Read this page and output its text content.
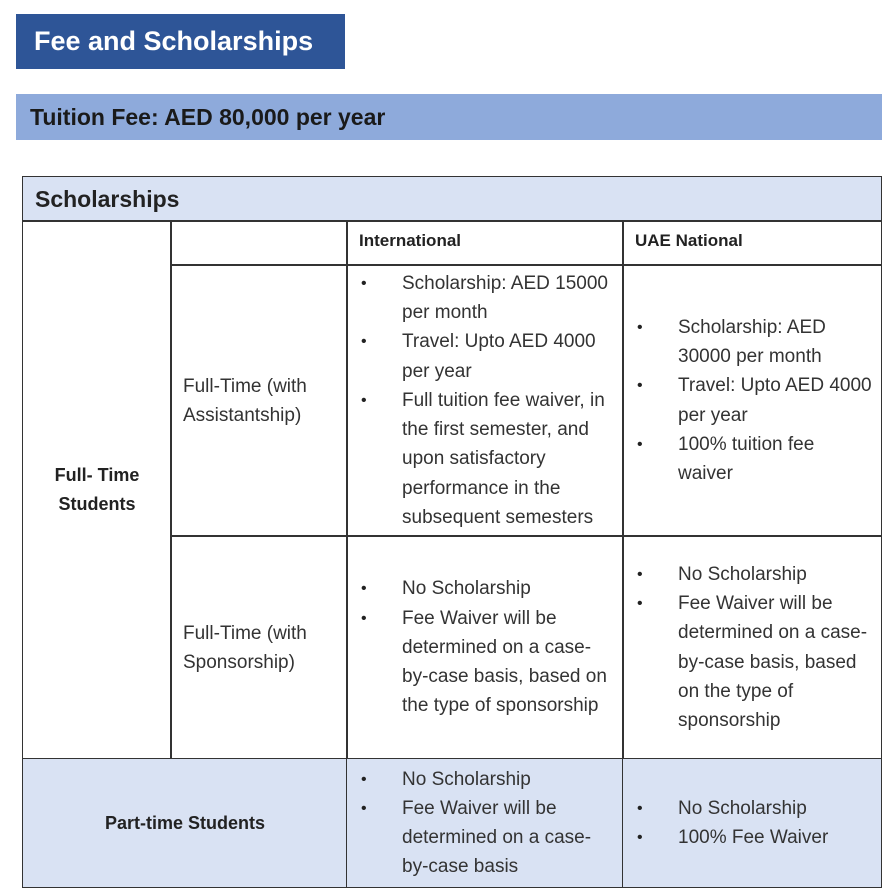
Fee and Scholarships
Tuition Fee: AED 80,000 per year
Scholarships
Full- Time Students
International	UAE National
Full-Time (with Assistantship)
• Scholarship: AED 15000 per month
• Travel: Upto AED 4000 per year
• Full tuition fee waiver, in the first semester, and upon satisfactory performance in the subsequent semesters
• Scholarship: AED 30000 per month
• Travel: Upto AED 4000 per year
• 100% tuition fee waiver
Full-Time (with Sponsorship)
• No Scholarship
• Fee Waiver will be determined on a case-by-case basis, based on the type of sponsorship
• No Scholarship
• Fee Waiver will be determined on a case-by-case basis, based on the type of sponsorship
Part-time Students
• No Scholarship
• Fee Waiver will be determined on a case-by-case basis
• No Scholarship
• 100% Fee Waiver
